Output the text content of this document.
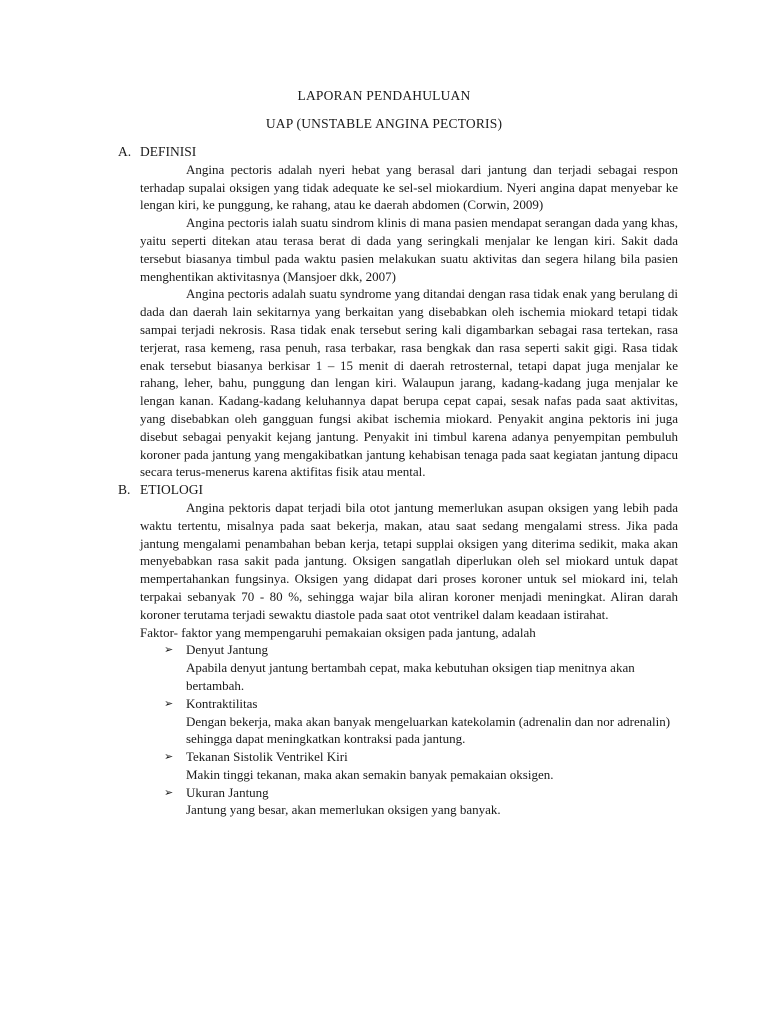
LAPORAN PENDAHULUAN
UAP (UNSTABLE ANGINA PECTORIS)
A. DEFINISI

Angina pectoris adalah nyeri hebat yang berasal dari jantung dan terjadi sebagai respon terhadap supalai oksigen yang tidak adequate ke sel-sel miokardium. Nyeri angina dapat menyebar ke lengan kiri, ke punggung, ke rahang, atau ke daerah abdomen (Corwin, 2009)

Angina pectoris ialah suatu sindrom klinis di mana pasien mendapat serangan dada yang khas, yaitu seperti ditekan atau terasa berat di dada yang seringkali menjalar ke lengan kiri. Sakit dada tersebut biasanya timbul pada waktu pasien melakukan suatu aktivitas dan segera hilang bila pasien menghentikan aktivitasnya (Mansjoer dkk, 2007)

Angina pectoris adalah suatu syndrome yang ditandai dengan rasa tidak enak yang berulang di dada dan daerah lain sekitarnya yang berkaitan yang disebabkan oleh ischemia miokard tetapi tidak sampai terjadi nekrosis. Rasa tidak enak tersebut sering kali digambarkan sebagai rasa tertekan, rasa terjerat, rasa kemeng, rasa penuh, rasa terbakar, rasa bengkak dan rasa seperti sakit gigi. Rasa tidak enak tersebut biasanya berkisar 1 – 15 menit di daerah retrosternal, tetapi dapat juga menjalar ke rahang, leher, bahu, punggung dan lengan kiri. Walaupun jarang, kadang-kadang juga menjalar ke lengan kanan. Kadang-kadang keluhannya dapat berupa cepat capai, sesak nafas pada saat aktivitas, yang disebabkan oleh gangguan fungsi akibat ischemia miokard. Penyakit angina pektoris ini juga disebut sebagai penyakit kejang jantung. Penyakit ini timbul karena adanya penyempitan pembuluh koroner pada jantung yang mengakibatkan jantung kehabisan tenaga pada saat kegiatan jantung dipacu secara terus-menerus karena aktifitas fisik atau mental.

B. ETIOLOGI

Angina pektoris dapat terjadi bila otot jantung memerlukan asupan oksigen yang lebih pada waktu tertentu, misalnya pada saat bekerja, makan, atau saat sedang mengalami stress. Jika pada jantung mengalami penambahan beban kerja, tetapi supplai oksigen yang diterima sedikit, maka akan menyebabkan rasa sakit pada jantung. Oksigen sangatlah diperlukan oleh sel miokard untuk dapat mempertahankan fungsinya. Oksigen yang didapat dari proses koroner untuk sel miokard ini, telah terpakai sebanyak 70 - 80 %, sehingga wajar bila aliran koroner menjadi meningkat. Aliran darah koroner terutama terjadi sewaktu diastole pada saat otot ventrikel dalam keadaan istirahat.

Faktor- faktor yang mempengaruhi pemakaian oksigen pada jantung, adalah

➢ Denyut Jantung
Apabila denyut jantung bertambah cepat, maka kebutuhan oksigen tiap menitnya akan bertambah.
➢ Kontraktilitas
Dengan bekerja, maka akan banyak mengeluarkan katekolamin (adrenalin dan nor adrenalin) sehingga dapat meningkatkan kontraksi pada jantung.
➢ Tekanan Sistolik Ventrikel Kiri
Makin tinggi tekanan, maka akan semakin banyak pemakaian oksigen.
➢ Ukuran Jantung
Jantung yang besar, akan memerlukan oksigen yang banyak.
